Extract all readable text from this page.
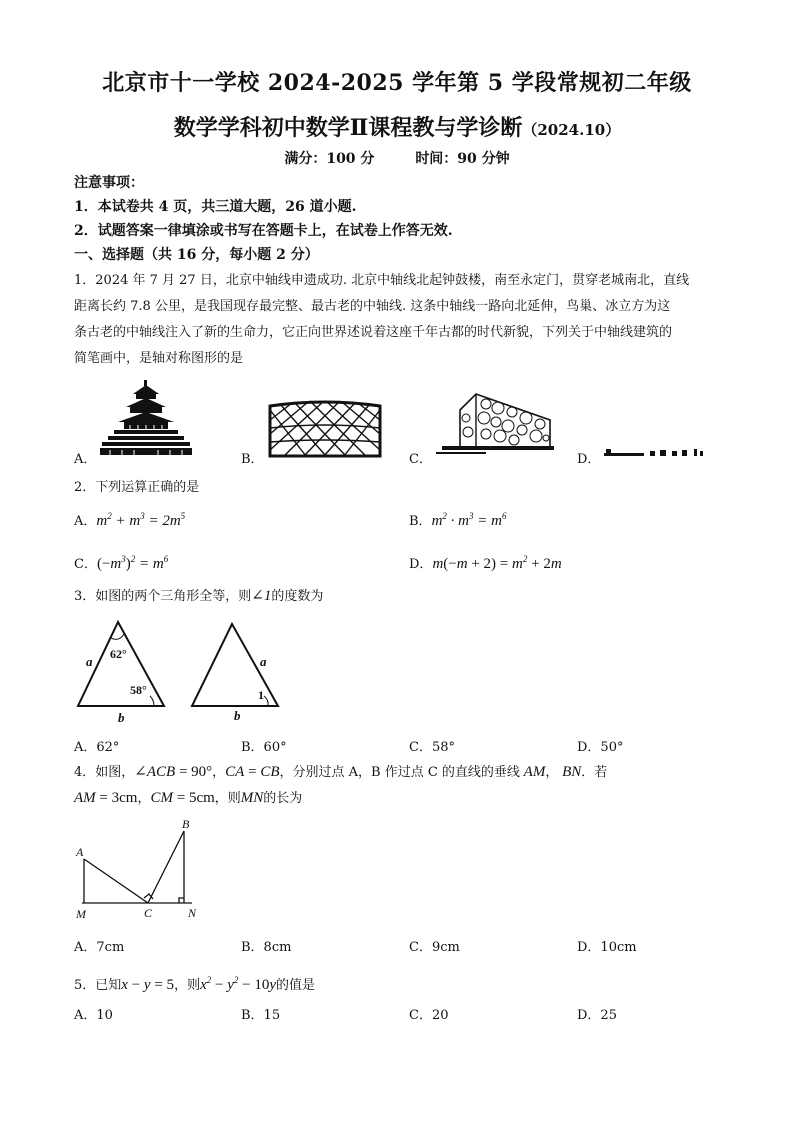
北京市十一学校 2024-2025 学年第 5 学段常规初二年级
数学学科初中数学Ⅱ课程教与学诊断（2024.10）
满分：100 分	时间：90 分钟
注意事项：
1．本试卷共 4 页，共三道大题，26 道小题.
2．试题答案一律填涂或书写在答题卡上，在试卷上作答无效.
一、选择题（共 16 分，每小题 2 分）
1．2024 年 7 月 27 日，北京中轴线申遗成功. 北京中轴线北起钟鼓楼，南至永定门，贯穿老城南北，直线
距离长约 7.8 公里，是我国现存最完整、最古老的中轴线. 这条中轴线一路向北延伸，鸟巢、冰立方为这
条古老的中轴线注入了新的生命力，它正向世界述说着这座千年古都的时代新貌，下列关于中轴线建筑的
简笔画中，是轴对称图形的是
A．	B．	C．	D．
2．下列运算正确的是
A．$m^2 + m^3 = 2m^5$	B．$m^2 \cdot m^3 = m^6$
C．$(-m^3)^2 = m^6$	D．$m(-m + 2) = m^2 + 2m$
3．如图的两个三角形全等，则∠1的度数为
a
b
a
b
62°
58°	1
A．62°	B．60°	C．58°	D．50°
4．如图，∠ACB = 90°，CA = CB，分别过点 A，B 作过点 C 的直线的垂线 AM， BN．若
AM = 3cm，CM = 5cm，则MN的长为
A
B
C
M	N
A．7cm	B．8cm	C．9cm	D．10cm
5．已知x − y = 5，则$x^2 - y^2 - 10y$的值是
A．10	B．15	C．20	D．25
